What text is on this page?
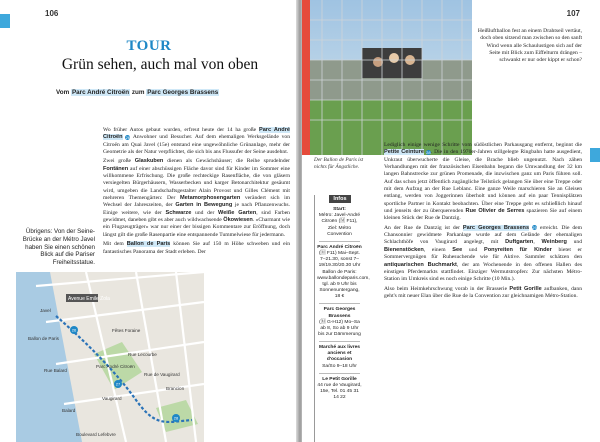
106
TOUR
Grün sehen, auch mal von oben
Vom Parc André Citroën zum Parc Georges Brassens

Wo früher Autos gebaut wurden, erfreut heute der 14 ha große Parc André Citroën 26 Anwohner und Besucher. Auf dem ehemaligen Werksgelände von Citroën am Quai Javel (15e) entstand eine ungewöhnliche Grünanlage, mehr der Geometrie als der Natur verpflichtet, die sich bis ans Flussufer der Seine ausdehnt.

Zwei große Glaskuben dienen als Gewächshäuser; die Reihe sprudelnder Fontänen auf einer abschüssigen Fläche davor sind für Kinder im Sommer eine willkommene Erfrischung. Die große rechteckige Rasenfläche, die von gläsern versiegelten Bürgerhäusern, Wasserbecken und karger Betonarchitektur gesäumt wird, umgeben die Landschaftsgestalter Alain Provost und Gilles Clément mit mehreren Themengärten: Der Metamorphosengarten verändert sich im Wechsel der Jahreszeiten, der Garten in Bewegung je nach Pflanzenwuchs. Einige weitere, wie der Schwarze und der Weiße Garten, sind Farben gewidmet, daneben gibt es aber auch wildwachsende Ökowiesen. »Charmant wie ein Flugzeugträger« war nur einer der bissigen Kommentare zur Eröffnung, doch längst gilt die große Rasenpartie eine entspannende Tummelwiese für jedermann.

Mit dem Ballon de Paris können Sie auf 150 m Höhe schweben und ein fantastisches Panorama der Stadt erleben. Der

Übrigens: Von der Seine-Brücke an der Métro Javel haben Sie einen schönen Blick auf die Pariser Freiheitsstatue.
Avenue Emile Zola
Javel
Ballon de Paris
Fêtes Foraine
Rue Balard
Rue Lecourbe
Parc André Citroën
Balard
Vaugirard
Brancion
Rue de Vaugirard
Boulevard Lefebvre
26
27
28
107
Der Ballon de Paris ist nichts für Ängstliche.
Infos
Start:
Métro: Javel-André Citroën (🄼 F11), Ziel: Métro Convention
Parc André Citroën
(🄼 F11) Mai–Sept. 7–21.30, sonst 7–19/19.30/20.30 Uhr Ballon de Paris: www.ballondeparis.com, tgl. ab 9 Uhr bis Sonnenuntergang, 18 €
Parc Georges Brassens
(🄼 G-H12) Mo–Sa ab 8, So ab 9 Uhr bis zur Dämmerung
Marché aux livres anciens et d'occasion
Sa/So 9–18 Uhr
Le Petit Gorille
44 rue de Vaugirard, 15e, Tel. 01 45 31 14 22
Heißluftballon fest an einem Drahtseil vertäut, doch oben sitzend man zwischen so den sanft Wind wenn alle Schaulustigen sich auf der Seite mit Blick zum Eiffelturm drängen – schwankt er nur oder kippt er schon?

Lediglich einige wenige Schritte vom südöstlichen Parkausgang entfernt, beginnt die Petite Ceinture 28. Die in den 1970er-Jahren stillgelegte Ringbahn hatte ausgedient, Unkraut überwucherte die Gleise, die Brache blieb ungenutzt. Nach zähen Verhandlungen mit der französischen Eisenbahn begann die Umwandlung der 32 km langen Bahnstrecke zur grünen Promenade, die inzwischen ganz um Paris führen soll. Auf das schon jetzt öffentlich zugängliche Teilstück gelangen Sie über eine Treppe oder mit dem Aufzug an der Rue Leblanc. Eine ganze Weile marschieren Sie an Gleisen entlang, werden von Joggerinnen überholt und können auf ein paar Tennisplätzen sportliche Partner in Kontakt beobachten. Über eine Treppe geht es schließlich hinauf und jenseits der zu überquerenden Rue Olivier de Serres spazieren Sie auf einem kleinen Stück der Rue de Dantzig.

An der Rue de Dantzig ist der Parc Georges Brassens 29 erreicht. Die dem Chansonnier gewidmete Parkanlage wurde auf dem Gelände der ehemaligen Schlachthöfe von Vaugirard angelegt, mit Duftgarten, Weinberg und Bienenstöcken, einem See und Ponyreiten für Kinder bietet er Sommervergnügen für Ruhesuchende wie für Aktive. Sammler schätzen den antiquarischen Buchmarkt, der am Wochenende in den offenen Hallen des einstigen Pferdemarkts stattfindet. Einziger Wermutstropfen: Zur nächsten Métro-Station im Umkreis sind es noch einige Schritte (10 Min.).

Also beim Heimkehrschwung vorab in der Brasserie Petit Gorille aufbanken, dann geht's mit neuer Elan über die Rue de la Convention zur gleichnamigen Métro-Station.
